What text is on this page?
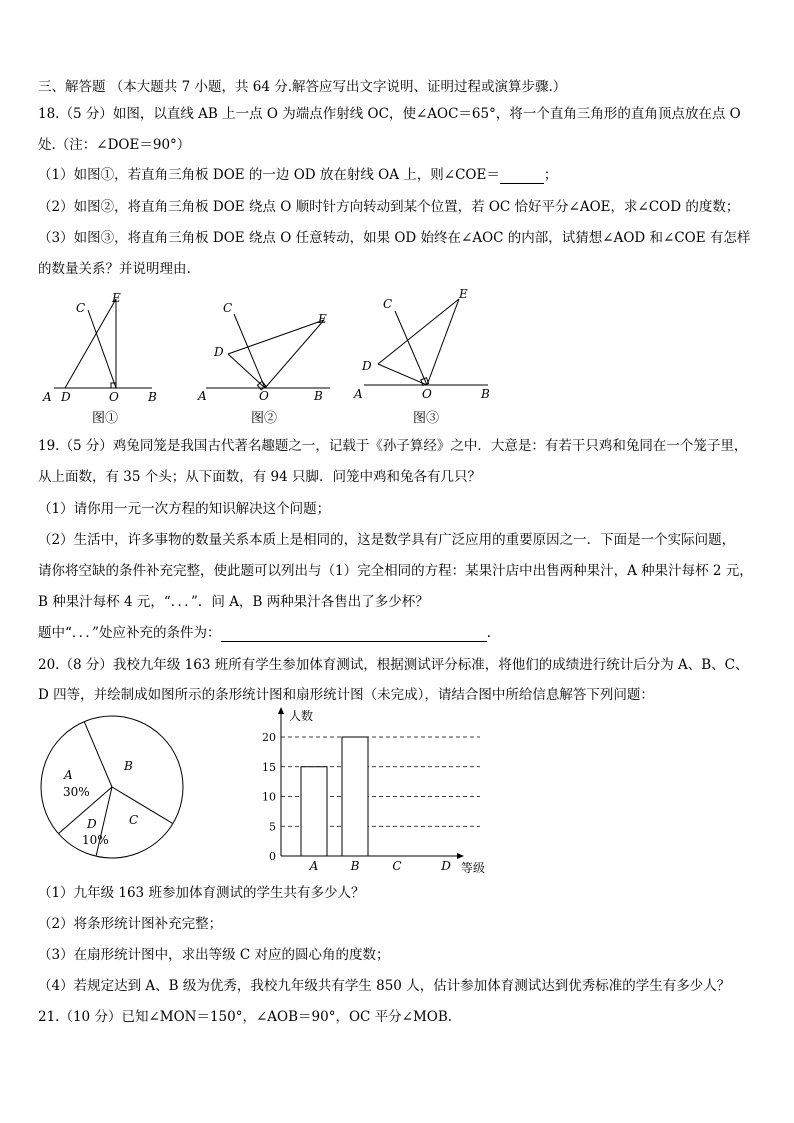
三、解答题 （本大题共 7 小题，共 64 分.解答应写出文字说明、证明过程或演算步骤.）
18.（5 分）如图，以直线 AB 上一点 O 为端点作射线 OC，使∠AOC＝65°，将一个直角三角形的直角顶点放在点 O
处.（注：∠DOE＝90°）
（1）如图①，若直角三角板 DOE 的一边 OD 放在射线 OA 上，则∠COE＝	；
（2）如图②，将直角三角板 DOE 绕点 O 顺时针方向转动到某个位置，若 OC 恰好平分∠AOE，求∠COD 的度数；
（3）如图③，将直角三角板 DOE 绕点 O 任意转动，如果 OD 始终在∠AOC 的内部，试猜想∠AOD 和∠COE 有怎样
的数量关系？并说明理由.
A D	O B
C
E
图①
A	O	B
C
E
D
图②
A	O	B
C
E
D
图③
19.（5 分）鸡兔同笼是我国古代著名趣题之一，记载于《孙子算经》之中．大意是：有若干只鸡和兔同在一个笼子里，
从上面数，有 35 个头；从下面数，有 94 只脚．问笼中鸡和兔各有几只？
（1）请你用一元一次方程的知识解决这个问题；
（2）生活中，许多事物的数量关系本质上是相同的，这是数学具有广泛应用的重要原因之一．下面是一个实际问题，
请你将空缺的条件补充完整，使此题可以列出与（1）完全相同的方程：某果汁店中出售两种果汁，A 种果汁每杯 2 元，
B 种果汁每杯 4 元，“．．．”．问 A，B 两种果汁各售出了多少杯？
题中“．．．”处应补充的条件为：	.
20.（8 分）我校九年级 163 班所有学生参加体育测试，根据测试评分标准，将他们的成绩进行统计后分为 A、B、C、
D 四等，并绘制成如图所示的条形统计图和扇形统计图（未完成），请结合图中所给信息解答下列问题：
A
30%
B
C
D
10%
0
5
10
15
20
A	B	C	D
人数
等级
（1）九年级 163 班参加体育测试的学生共有多少人？
（2）将条形统计图补充完整；
（3）在扇形统计图中，求出等级 C 对应的圆心角的度数；
（4）若规定达到 A、B 级为优秀，我校九年级共有学生 850 人，估计参加体育测试达到优秀标准的学生有多少人？
21.（10 分）已知∠MON＝150°，∠AOB＝90°，OC 平分∠MOB.
